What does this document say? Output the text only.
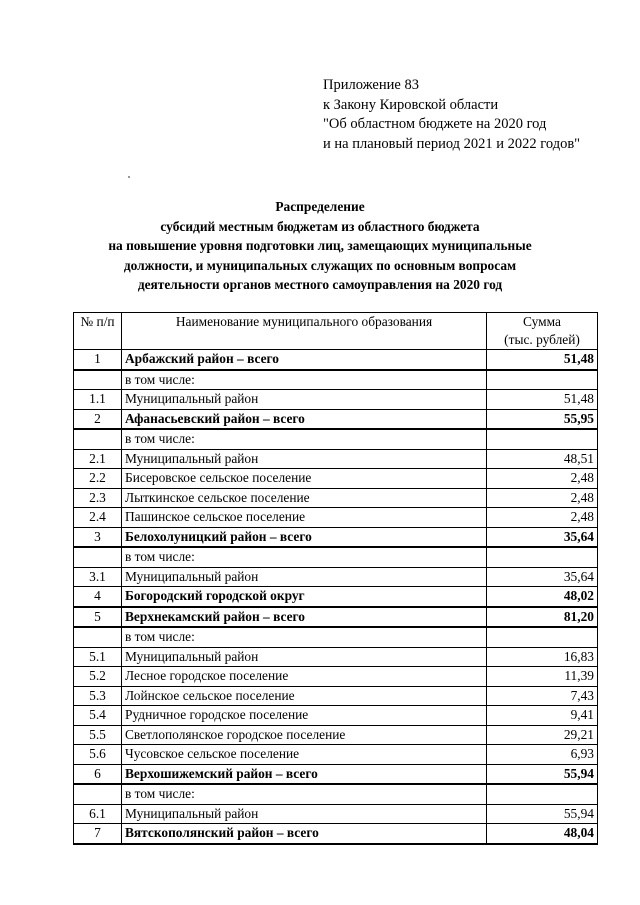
Приложение 83
к Закону Кировской области
"Об областном бюджете на 2020 год
и на плановый период 2021 и 2022 годов"
Распределение
субсидий местным бюджетам из областного бюджета
на повышение уровня подготовки лиц, замещающих муниципальные
должности, и муниципальных служащих по основным вопросам
деятельности органов местного самоуправления на 2020 год
№ п/п	Наименование муниципального образования	Сумма
(тыс. рублей)

1	Арбажский район – всего	51,48
	в том числе:	
1.1	Муниципальный район	51,48
2	Афанасьевский район – всего	55,95
	в том числе:	
2.1	Муниципальный район	48,51
2.2	Бисеровское сельское поселение	2,48
2.3	Лыткинское сельское поселение	2,48
2.4	Пашинское сельское поселение	2,48
3	Белохолуницкий район – всего	35,64
	в том числе:	
3.1	Муниципальный район	35,64
4	Богородский городской округ	48,02
5	Верхнекамский район – всего	81,20
	в том числе:	
5.1	Муниципальный район	16,83
5.2	Лесное городское поселение	11,39
5.3	Лойнское сельское поселение	7,43
5.4	Рудничное городское поселение	9,41
5.5	Светлополянское городское поселение	29,21
5.6	Чусовское сельское поселение	6,93
6	Верхошижемский район – всего	55,94
	в том числе:	
6.1	Муниципальный район	55,94
7	Вятскополянский район – всего	48,04
